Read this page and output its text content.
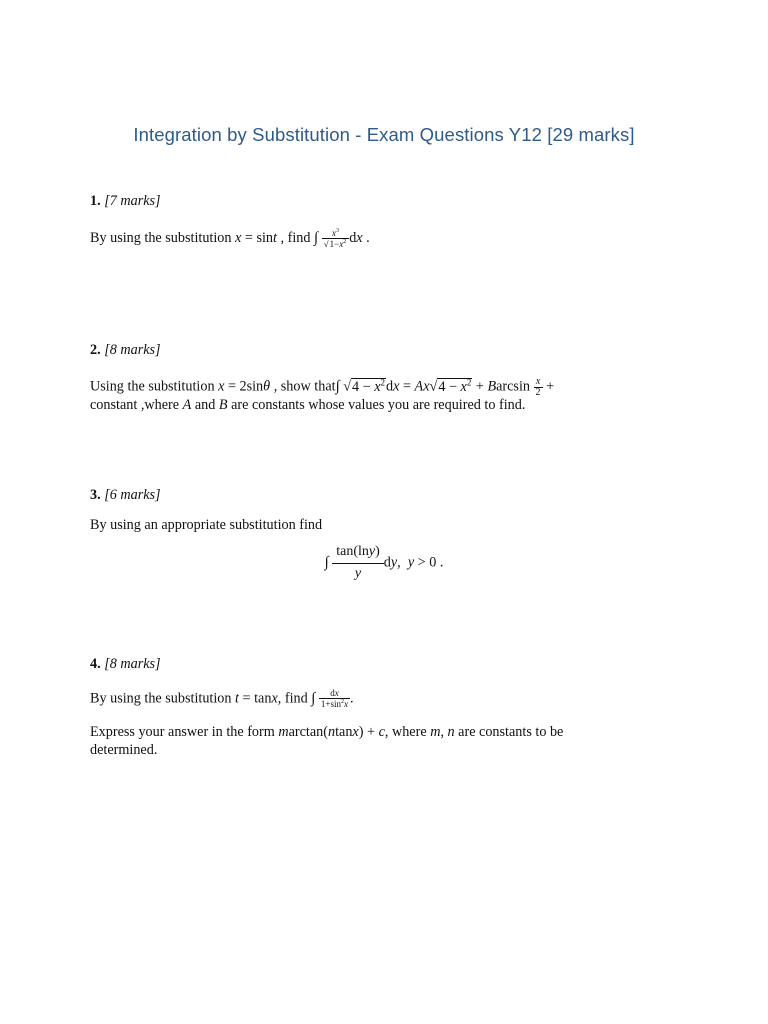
Integration by Substitution - Exam Questions Y12 [29 marks]
1. [7 marks]
By using the substitution x = sint , find ∫ $\frac{x^3}{√1-x^2}$ dx .
2. [8 marks]
Using the substitution x = 2sinθ , show that∫ $√4 - x^2dx = Ax√4 - x^2 + Barcsin \frac{x}{2}$ +
constant ,where A and B are constants whose values you are required to find.
3. [6 marks]
By using an appropriate substitution find
∫ $\frac{\tan(\ln y)}{y}$ dy,  y > 0 .
4. [8 marks]
By using the substitution t = tanx, find ∫ $\frac{dx}{1+\sin^2x}$ .
Express your answer in the form marctan(ntanx) + c, where m, n are constants to be
determined.
